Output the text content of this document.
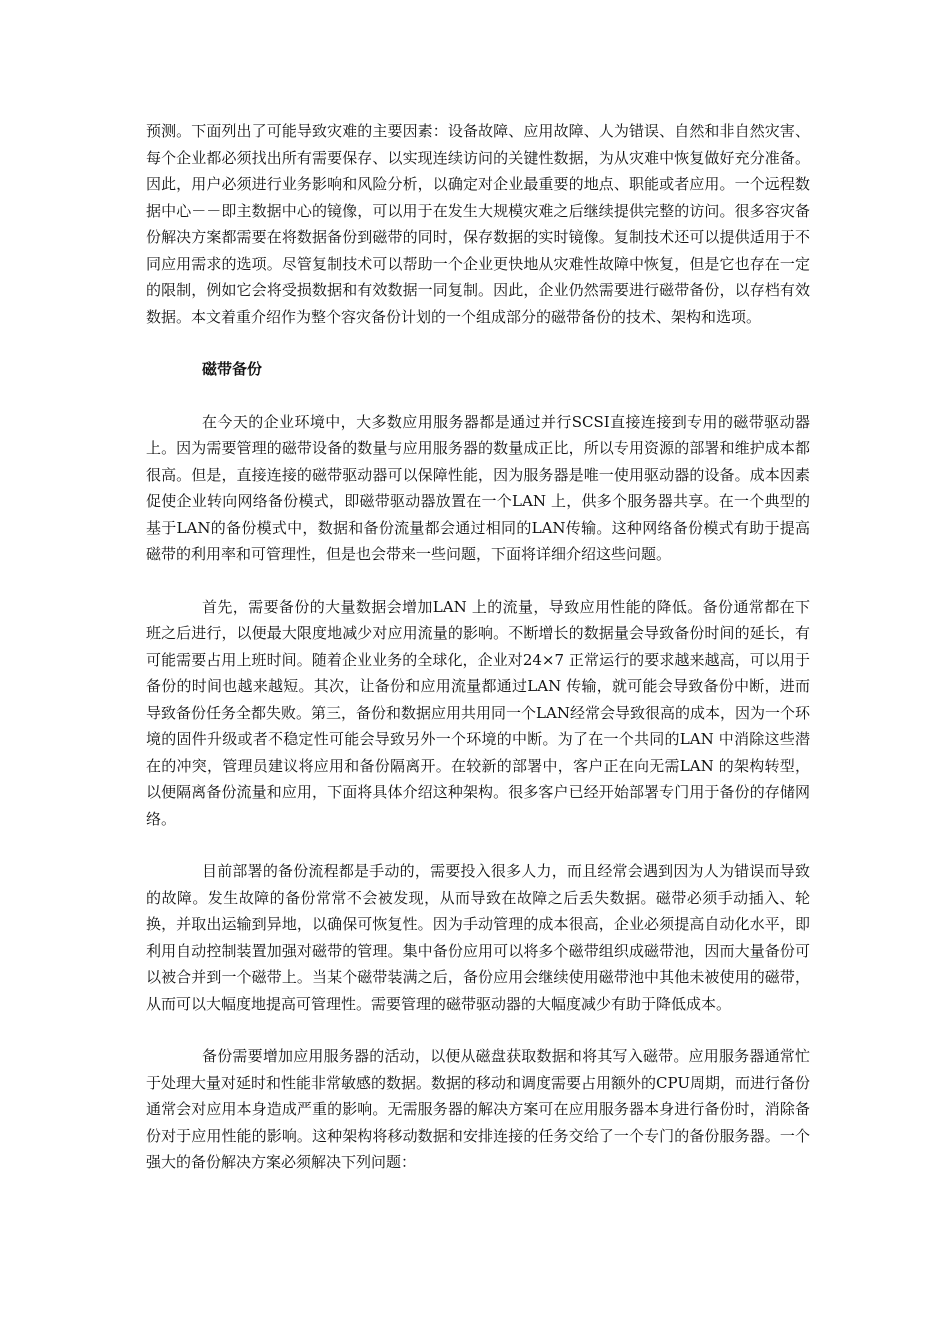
预测。下面列出了可能导致灾难的主要因素：设备故障、应用故障、人为错误、自然和非自然灾害、 每个企业都必须找出所有需要保存、以实现连续访问的关键性数据，为从灾难中恢复做好充分准备。因此，用户必须进行业务影响和风险分析，以确定对企业最重要的地点、职能或者应用。一个远程数据中心－－即主数据中心的镜像，可以用于在发生大规模灾难之后继续提供完整的访问。很多容灾备份解决方案都需要在将数据备份到磁带的同时，保存数据的实时镜像。复制技术还可以提供适用于不同应用需求的选项。尽管复制技术可以帮助一个企业更快地从灾难性故障中恢复，但是它也存在一定的限制，例如它会将受损数据和有效数据一同复制。因此，企业仍然需要进行磁带备份，以存档有效数据。本文着重介绍作为整个容灾备份计划的一个组成部分的磁带备份的技术、架构和选项。

磁带备份

在今天的企业环境中，大多数应用服务器都是通过并行SCSI直接连接到专用的磁带驱动器上。因为需要管理的磁带设备的数量与应用服务器的数量成正比，所以专用资源的部署和维护成本都很高。但是，直接连接的磁带驱动器可以保障性能，因为服务器是唯一使用驱动器的设备。成本因素促使企业转向网络备份模式，即磁带驱动器放置在一个LAN 上，供多个服务器共享。在一个典型的基于LAN的备份模式中，数据和备份流量都会通过相同的LAN传输。这种网络备份模式有助于提高磁带的利用率和可管理性，但是也会带来一些问题，下面将详细介绍这些问题。

首先，需要备份的大量数据会增加LAN 上的流量，导致应用性能的降低。备份通常都在下班之后进行，以便最大限度地减少对应用流量的影响。不断增长的数据量会导致备份时间的延长，有可能需要占用上班时间。随着企业业务的全球化，企业对24×7 正常运行的要求越来越高，可以用于备份的时间也越来越短。其次，让备份和应用流量都通过LAN 传输，就可能会导致备份中断，进而导致备份任务全都失败。第三，备份和数据应用共用同一个LAN经常会导致很高的成本，因为一个环境的固件升级或者不稳定性可能会导致另外一个环境的中断。为了在一个共同的LAN 中消除这些潜在的冲突，管理员建议将应用和备份隔离开。在较新的部署中，客户正在向无需LAN 的架构转型，以便隔离备份流量和应用，下面将具体介绍这种架构。很多客户已经开始部署专门用于备份的存储网络。

目前部署的备份流程都是手动的，需要投入很多人力，而且经常会遇到因为人为错误而导致的故障。发生故障的备份常常不会被发现，从而导致在故障之后丢失数据。磁带必须手动插入、轮换，并取出运输到异地，以确保可恢复性。因为手动管理的成本很高，企业必须提高自动化水平，即利用自动控制装置加强对磁带的管理。集中备份应用可以将多个磁带组织成磁带池，因而大量备份可以被合并到一个磁带上。当某个磁带装满之后，备份应用会继续使用磁带池中其他未被使用的磁带，从而可以大幅度地提高可管理性。需要管理的磁带驱动器的大幅度减少有助于降低成本。

备份需要增加应用服务器的活动，以便从磁盘获取数据和将其写入磁带。应用服务器通常忙于处理大量对延时和性能非常敏感的数据。数据的移动和调度需要占用额外的CPU周期，而进行备份通常会对应用本身造成严重的影响。无需服务器的解决方案可在应用服务器本身进行备份时，消除备份对于应用性能的影响。这种架构将移动数据和安排连接的任务交给了一个专门的备份服务器。一个强大的备份解决方案必须解决下列问题：
